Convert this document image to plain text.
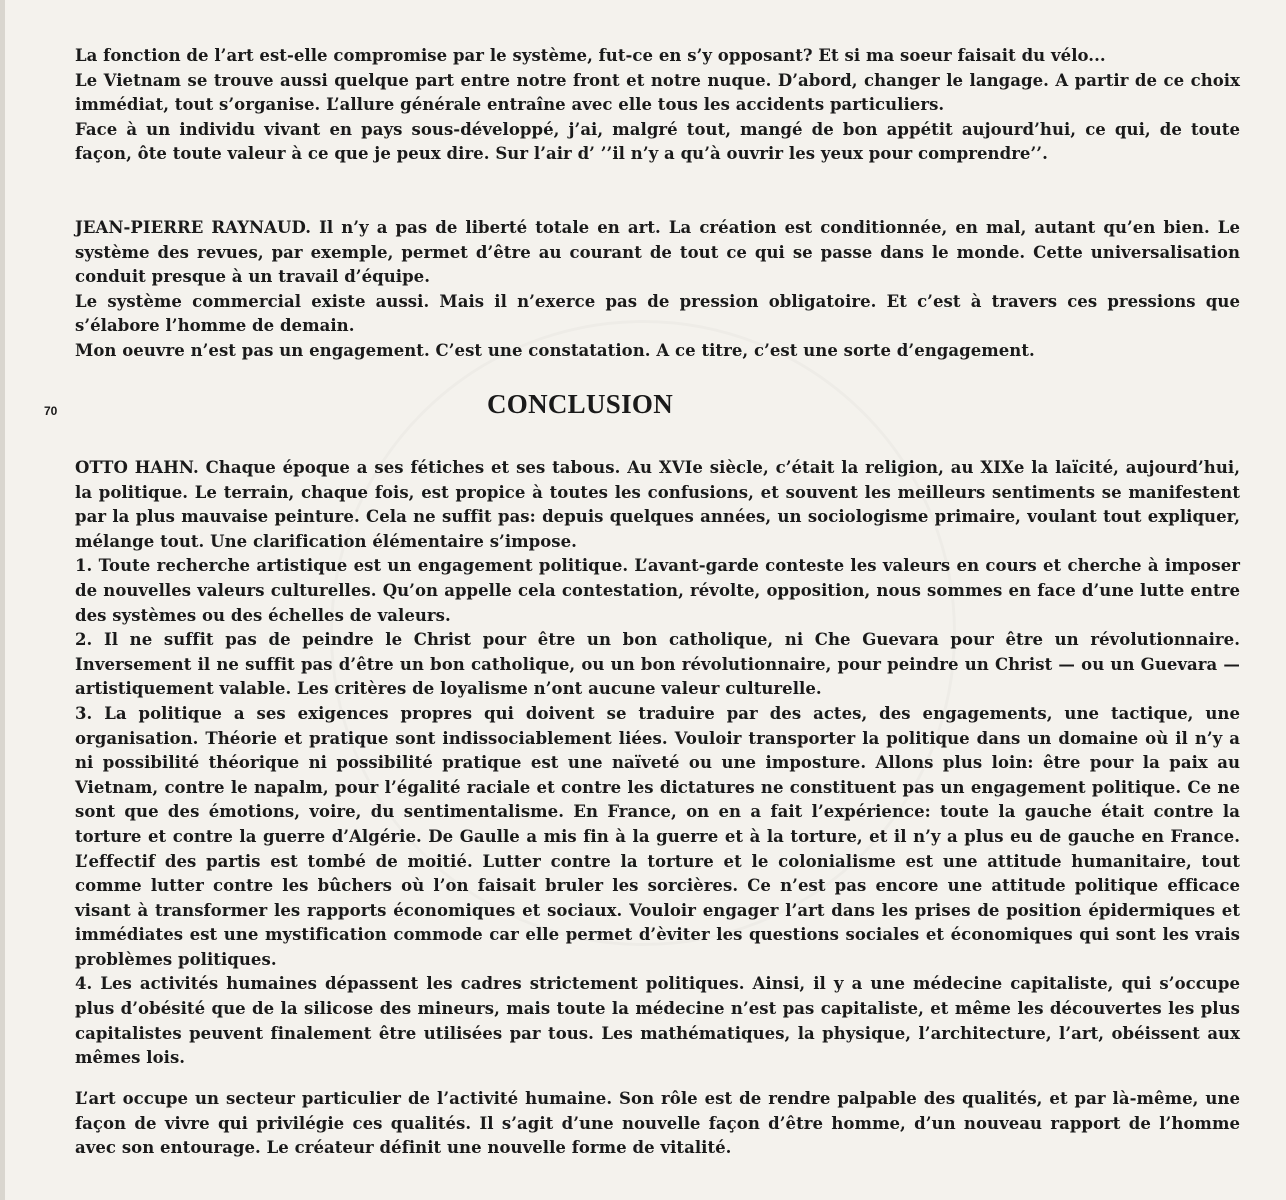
La fonction de l’art est-elle compromise par le système, fut-ce en s’y opposant? Et si ma soeur faisait du vélo...

Le Vietnam se trouve aussi quelque part entre notre front et notre nuque. D’abord, changer le langage. A partir de ce choix immédiat, tout s’organise. L’allure générale entraîne avec elle tous les accidents particuliers.

Face à un individu vivant en pays sous-développé, j’ai, malgré tout, mangé de bon appétit aujourd’hui, ce qui, de toute façon, ôte toute valeur à ce que je peux dire. Sur l’air d’ ’’il n’y a qu’à ouvrir les yeux pour comprendre’’.

JEAN-PIERRE RAYNAUD. Il n’y a pas de liberté totale en art. La création est conditionnée, en mal, autant qu’en bien. Le système des revues, par exemple, permet d’être au courant de tout ce qui se passe dans le monde. Cette universalisation conduit presque à un travail d’équipe.

Le système commercial existe aussi. Mais il n’exerce pas de pression obligatoire. Et c’est à travers ces pressions que s’élabore l’homme de demain.

Mon oeuvre n’est pas un engagement. C’est une constatation. A ce titre, c’est une sorte d’engagement.

70	CONCLUSION

OTTO HAHN. Chaque époque a ses fétiches et ses tabous. Au XVIe siècle, c’était la religion, au XIXe la laïcité, aujourd’hui, la politique. Le terrain, chaque fois, est propice à toutes les confusions, et souvent les meilleurs sentiments se manifestent par la plus mauvaise peinture. Cela ne suffit pas: depuis quelques années, un sociologisme primaire, voulant tout expliquer, mélange tout. Une clarification élémentaire s’impose.

1. Toute recherche artistique est un engagement politique. L’avant-garde conteste les valeurs en cours et cherche à imposer de nouvelles valeurs culturelles. Qu’on appelle cela contestation, révolte, opposition, nous sommes en face d’une lutte entre des systèmes ou des échelles de valeurs.

2. Il ne suffit pas de peindre le Christ pour être un bon catholique, ni Che Guevara pour être un révolutionnaire. Inversement il ne suffit pas d’être un bon catholique, ou un bon révolutionnaire, pour peindre un Christ — ou un Guevara — artistiquement valable. Les critères de loyalisme n’ont aucune valeur culturelle.

3. La politique a ses exigences propres qui doivent se traduire par des actes, des engagements, une tactique, une organisation. Théorie et pratique sont indissociablement liées. Vouloir transporter la politique dans un domaine où il n’y a ni possibilité théorique ni possibilité pratique est une naïveté ou une imposture. Allons plus loin: être pour la paix au Vietnam, contre le napalm, pour l’égalité raciale et contre les dictatures ne constituent pas un engagement politique. Ce ne sont que des émotions, voire, du sentimentalisme. En France, on en a fait l’expérience: toute la gauche était contre la torture et contre la guerre d’Algérie. De Gaulle a mis fin à la guerre et à la torture, et il n’y a plus eu de gauche en France. L’effectif des partis est tombé de moitié. Lutter contre la torture et le colonialisme est une attitude humanitaire, tout comme lutter contre les bûchers où l’on faisait bruler les sorcières. Ce n’est pas encore une attitude politique efficace visant à transformer les rapports économiques et sociaux. Vouloir engager l’art dans les prises de position épidermiques et immédiates est une mystification commode car elle permet d’èviter les questions sociales et économiques qui sont les vrais problèmes politiques.

4. Les activités humaines dépassent les cadres strictement politiques. Ainsi, il y a une médecine capitaliste, qui s’occupe plus d’obésité que de la silicose des mineurs, mais toute la médecine n’est pas capitaliste, et même les découvertes les plus capitalistes peuvent finalement être utilisées par tous. Les mathématiques, la physique, l’architecture, l’art, obéissent aux mêmes lois.

L’art occupe un secteur particulier de l’activité humaine. Son rôle est de rendre palpable des qualités, et par là-même, une façon de vivre qui privilégie ces qualités. Il s’agit d’une nouvelle façon d’être homme, d’un nouveau rapport de l’homme avec son entourage. Le créateur définit une nouvelle forme de vitalité.
